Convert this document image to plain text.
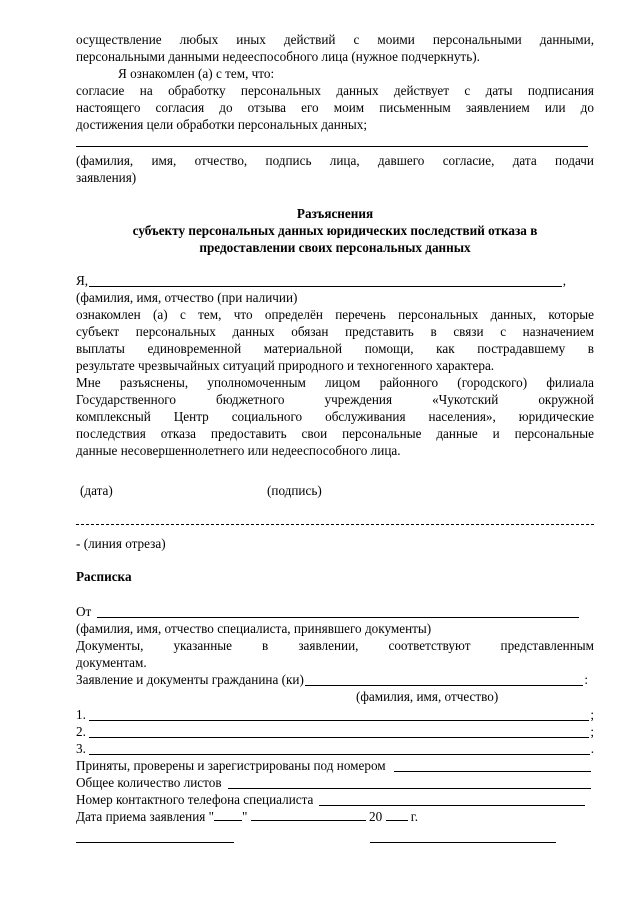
осуществление любых иных действий с моими персональными данными,
персональными данными недееспособного лица (нужное подчеркнуть).
Я ознакомлен (а) с тем, что:
согласие на обработку персональных данных действует с даты подписания
настоящего согласия до отзыва его моим письменным заявлением или до
достижения цели обработки персональных данных;
(фамилия, имя, отчество, подпись лица, давшего согласие, дата подачи
заявления)
Разъяснения
субъекту персональных данных юридических последствий отказа в
предоставлении своих персональных данных
Я,	,
(фамилия, имя, отчество (при наличии)
ознакомлен (а) с тем, что определён перечень персональных данных, которые
субъект персональных данных обязан представить в связи с назначением
выплаты единовременной материальной помощи, как пострадавшему в
результате чрезвычайных ситуаций природного и техногенного характера.
Мне разъяснены, уполномоченным лицом районного (городского) филиала
Государственного бюджетного учреждения «Чукотский окружной
комплексный Центр социального обслуживания населения», юридические
последствия отказа предоставить свои персональные данные и персональные
данные несовершеннолетнего или недееспособного лица.
(дата)	(подпись)
- (линия отреза)
Расписка
От
(фамилия, имя, отчество специалиста, принявшего документы)
Документы, указанные в заявлении, соответствуют представленным
документам.
Заявление и документы гражданина (ки)	:
(фамилия, имя, отчество)
1.	;
2.	;
3.	.
Приняты, проверены и зарегистрированы под номером
Общее количество листов
Номер контактного телефона специалиста
Дата приема заявления " "	20 г.
